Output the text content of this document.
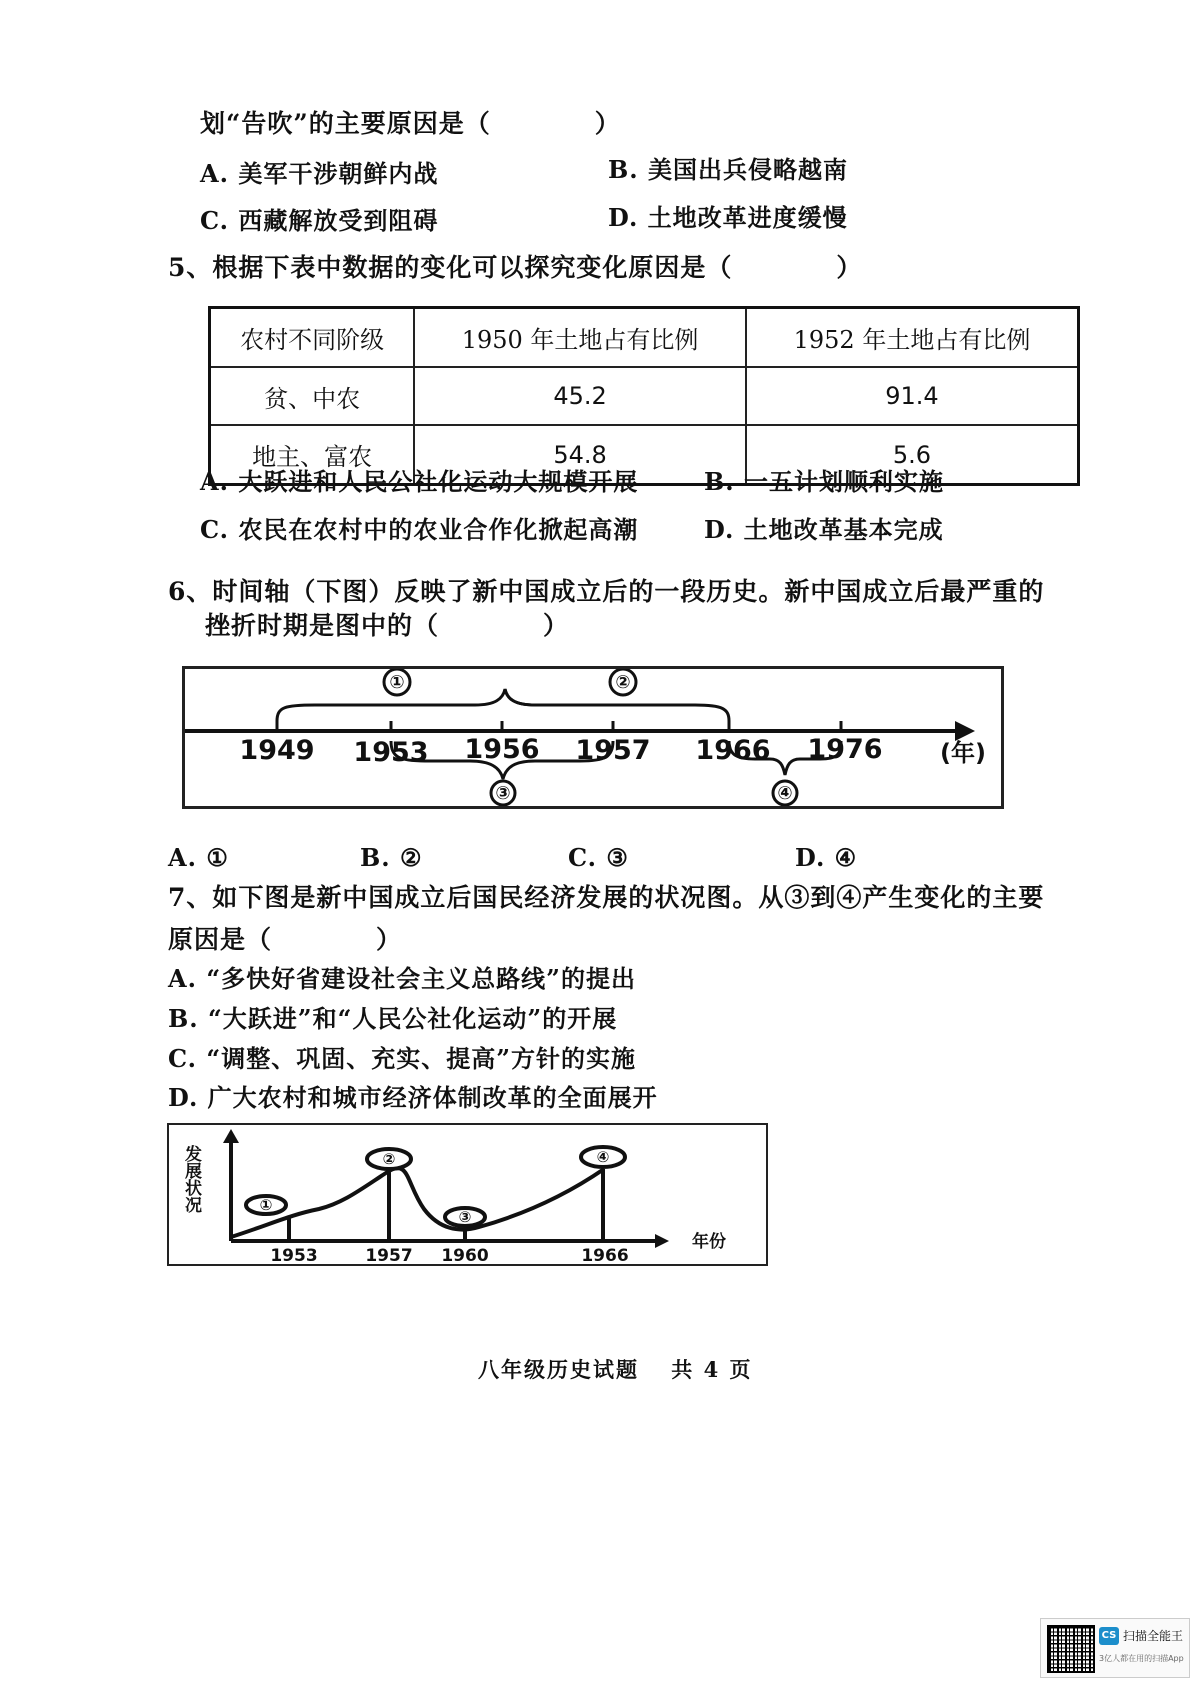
划“告吹”的主要原因是（　　　　）
A. 美军干涉朝鲜内战	B. 美国出兵侵略越南
C. 西藏解放受到阻碍	D. 土地改革进度缓慢
5、根据下表中数据的变化可以探究变化原因是（　　　　）
农村不同阶级	1950 年土地占有比例	1952 年土地占有比例
贫、中农	45.2	91.4
地主、富农	54.8	5.6
A. 大跃进和人民公社化运动大规模开展	B. 一五计划顺利实施
C. 农民在农村中的农业合作化掀起高潮	D. 土地改革基本完成
6、时间轴（下图）反映了新中国成立后的一段历史。新中国成立后最严重的
挫折时期是图中的（　　　　）
①	②
③	④
1949 1953 1956 1957 1966 1976 (年)
A. ①	B. ②	C. ③	D. ④
7、如下图是新中国成立后国民经济发展的状况图。从③到④产生变化的主要
原因是（　　　　）
A. “多快好省建设社会主义总路线”的提出
B. “大跃进”和“人民公社化运动”的开展
C. “调整、巩固、充实、提高”方针的实施
D. 广大农村和城市经济体制改革的全面展开
①
②
③
④
1953	1957 1960	1966
年份
发展状况
八年级历史试题　 共 4 页
CS 扫描全能王
3亿人都在用的扫描App
